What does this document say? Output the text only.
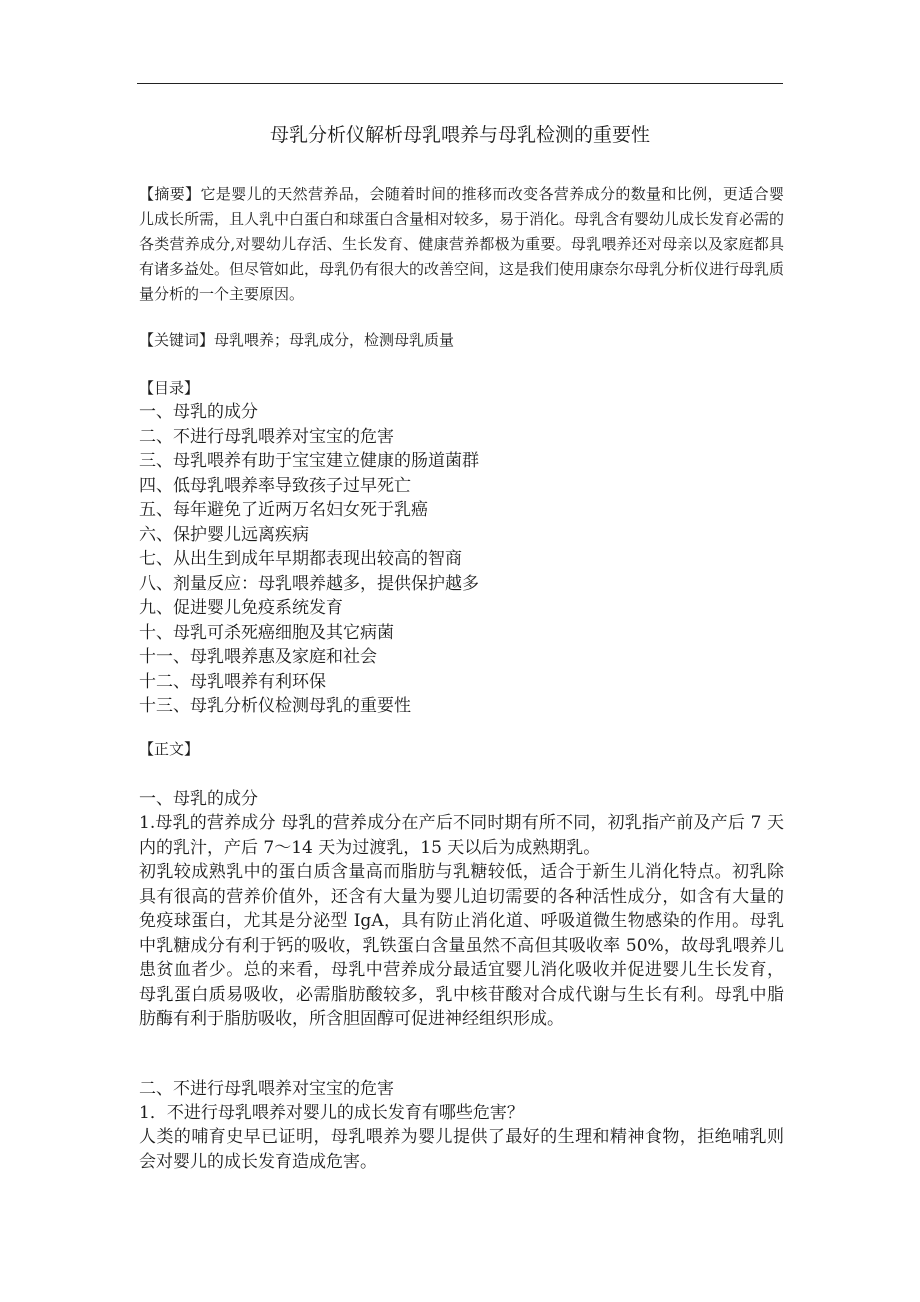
母乳分析仪解析母乳喂养与母乳检测的重要性
【摘要】它是婴儿的天然营养品，会随着时间的推移而改变各营养成分的数量和比例，更适合婴儿成长所需，且人乳中白蛋白和球蛋白含量相对较多，易于消化。母乳含有婴幼儿成长发育必需的各类营养成分,对婴幼儿存活、生长发育、健康营养都极为重要。母乳喂养还对母亲以及家庭都具有诸多益处。但尽管如此，母乳仍有很大的改善空间，这是我们使用康奈尔母乳分析仪进行母乳质量分析的一个主要原因。
【关键词】母乳喂养；母乳成分，检测母乳质量
【目录】
一、母乳的成分
二、不进行母乳喂养对宝宝的危害
三、母乳喂养有助于宝宝建立健康的肠道菌群
四、低母乳喂养率导致孩子过早死亡
五、每年避免了近两万名妇女死于乳癌
六、保护婴儿远离疾病
七、从出生到成年早期都表现出较高的智商
八、剂量反应：母乳喂养越多，提供保护越多
九、促进婴儿免疫系统发育
十、母乳可杀死癌细胞及其它病菌
十一、母乳喂养惠及家庭和社会
十二、母乳喂养有利环保
十三、母乳分析仪检测母乳的重要性
【正文】
一、母乳的成分
1.母乳的营养成分 母乳的营养成分在产后不同时期有所不同，初乳指产前及产后 7 天内的乳汁，产后 7～14 天为过渡乳，15 天以后为成熟期乳。
初乳较成熟乳中的蛋白质含量高而脂肪与乳糖较低，适合于新生儿消化特点。初乳除具有很高的营养价值外，还含有大量为婴儿迫切需要的各种活性成分，如含有大量的免疫球蛋白，尤其是分泌型 IgA，具有防止消化道、呼吸道微生物感染的作用。母乳中乳糖成分有利于钙的吸收，乳铁蛋白含量虽然不高但其吸收率 50%，故母乳喂养儿患贫血者少。总的来看，母乳中营养成分最适宜婴儿消化吸收并促进婴儿生长发育，母乳蛋白质易吸收，必需脂肪酸较多，乳中核苷酸对合成代谢与生长有利。母乳中脂肪酶有利于脂肪吸收，所含胆固醇可促进神经组织形成。
二、不进行母乳喂养对宝宝的危害
1．不进行母乳喂养对婴儿的成长发育有哪些危害？
人类的哺育史早已证明，母乳喂养为婴儿提供了最好的生理和精神食物，拒绝哺乳则会对婴儿的成长发育造成危害。
